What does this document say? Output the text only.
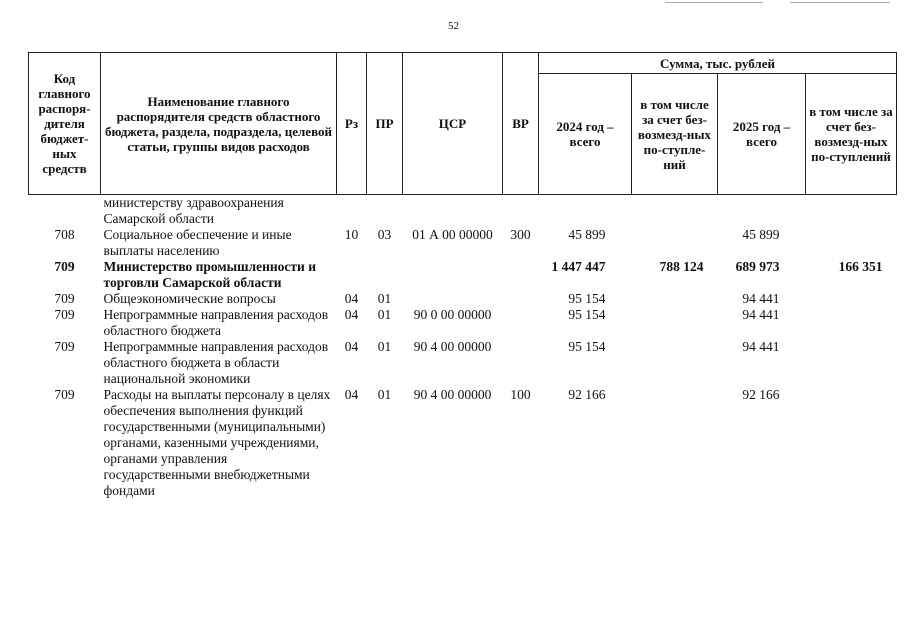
52
Код главного распоря-дителя бюджет-ных средств	Наименование главного распорядителя средств областного бюджета, раздела, подраздела, целевой статьи, группы видов расходов	Рз	ПР	ЦСР	ВР	Сумма, тыс. рублей			
						2024 год – всего	в том числе за счет без-возмезд-ных по-ступле-ний	2025 год – всего	в том числе за счет без-возмезд-ных по-ступлений
	министерству здравоохранения Самарской области								
708	Социальное обеспечение и иные выплаты населению	10	03	01 А 00 00000	300	45 899		45 899	
709	Министерство промышленности и торговли Самарской области					1 447 447	788 124	689 973	166 351
709	Общеэкономические вопросы	04	01			95 154		94 441	
709	Непрограммные направления расходов областного бюджета	04	01	90 0 00 00000		95 154		94 441	
709	Непрограммные направления расходов областного бюджета в области национальной экономики	04	01	90 4 00 00000		95 154		94 441	
709	Расходы на выплаты персоналу в целях обеспечения выполнения функций государственными (муниципальными) органами, казенными учреждениями, органами управления государственными внебюджетными фондами	04	01	90 4 00 00000	100	92 166		92 166	
